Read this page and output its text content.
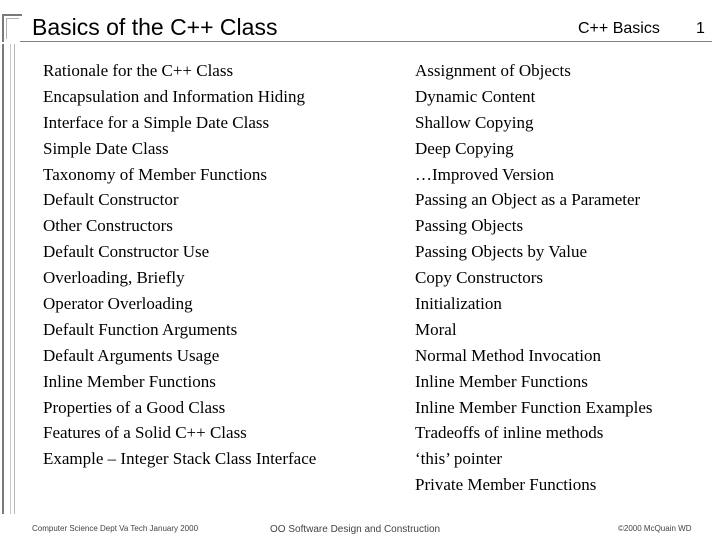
Basics of the C++ Class	C++ Basics 1
Rationale for the C++ Class
Encapsulation and Information Hiding
Interface for a Simple Date Class
Simple Date Class
Taxonomy of Member Functions
Default Constructor
Other Constructors
Default Constructor Use
Overloading, Briefly
Operator Overloading
Default Function Arguments
Default Arguments Usage
Inline Member Functions
Properties of a Good Class
Features of a Solid C++ Class
Example – Integer Stack Class Interface
Assignment of Objects
Dynamic Content
Shallow Copying
Deep Copying
…Improved Version
Passing an Object as a Parameter
Passing Objects
Passing Objects by Value
Copy Constructors
Initialization
Moral
Normal Method Invocation
Inline Member Functions
Inline Member Function Examples
Tradeoffs of inline methods
‘this’ pointer
Private Member Functions
Computer Science Dept Va Tech January 2000	OO Software Design and Construction	©2000 McQuain WD
